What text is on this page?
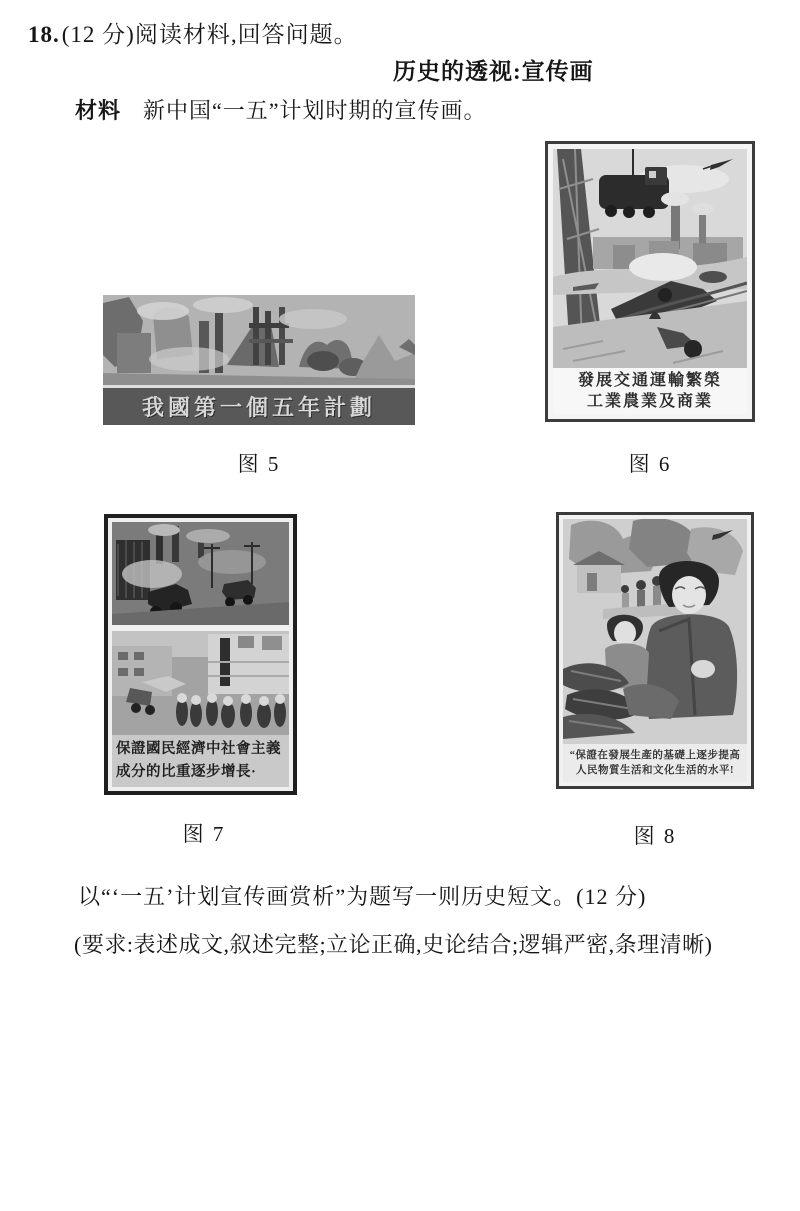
18.(12 分)阅读材料,回答问题。
历史的透视:宣传画
材料 新中国“一五”计划时期的宣传画。
我國第一個五年計劃
图 5
發展交通運輸繁榮
工業農業及商業
图 6
保證國民經濟中社會主義
成分的比重逐步增長·
图 7
“保證在發展生產的基礎上逐步提高
人民物質生活和文化生活的水平!
图 8
以“‘一五’计划宣传画赏析”为题写一则历史短文。(12 分)
(要求:表述成文,叙述完整;立论正确,史论结合;逻辑严密,条理清晰)
